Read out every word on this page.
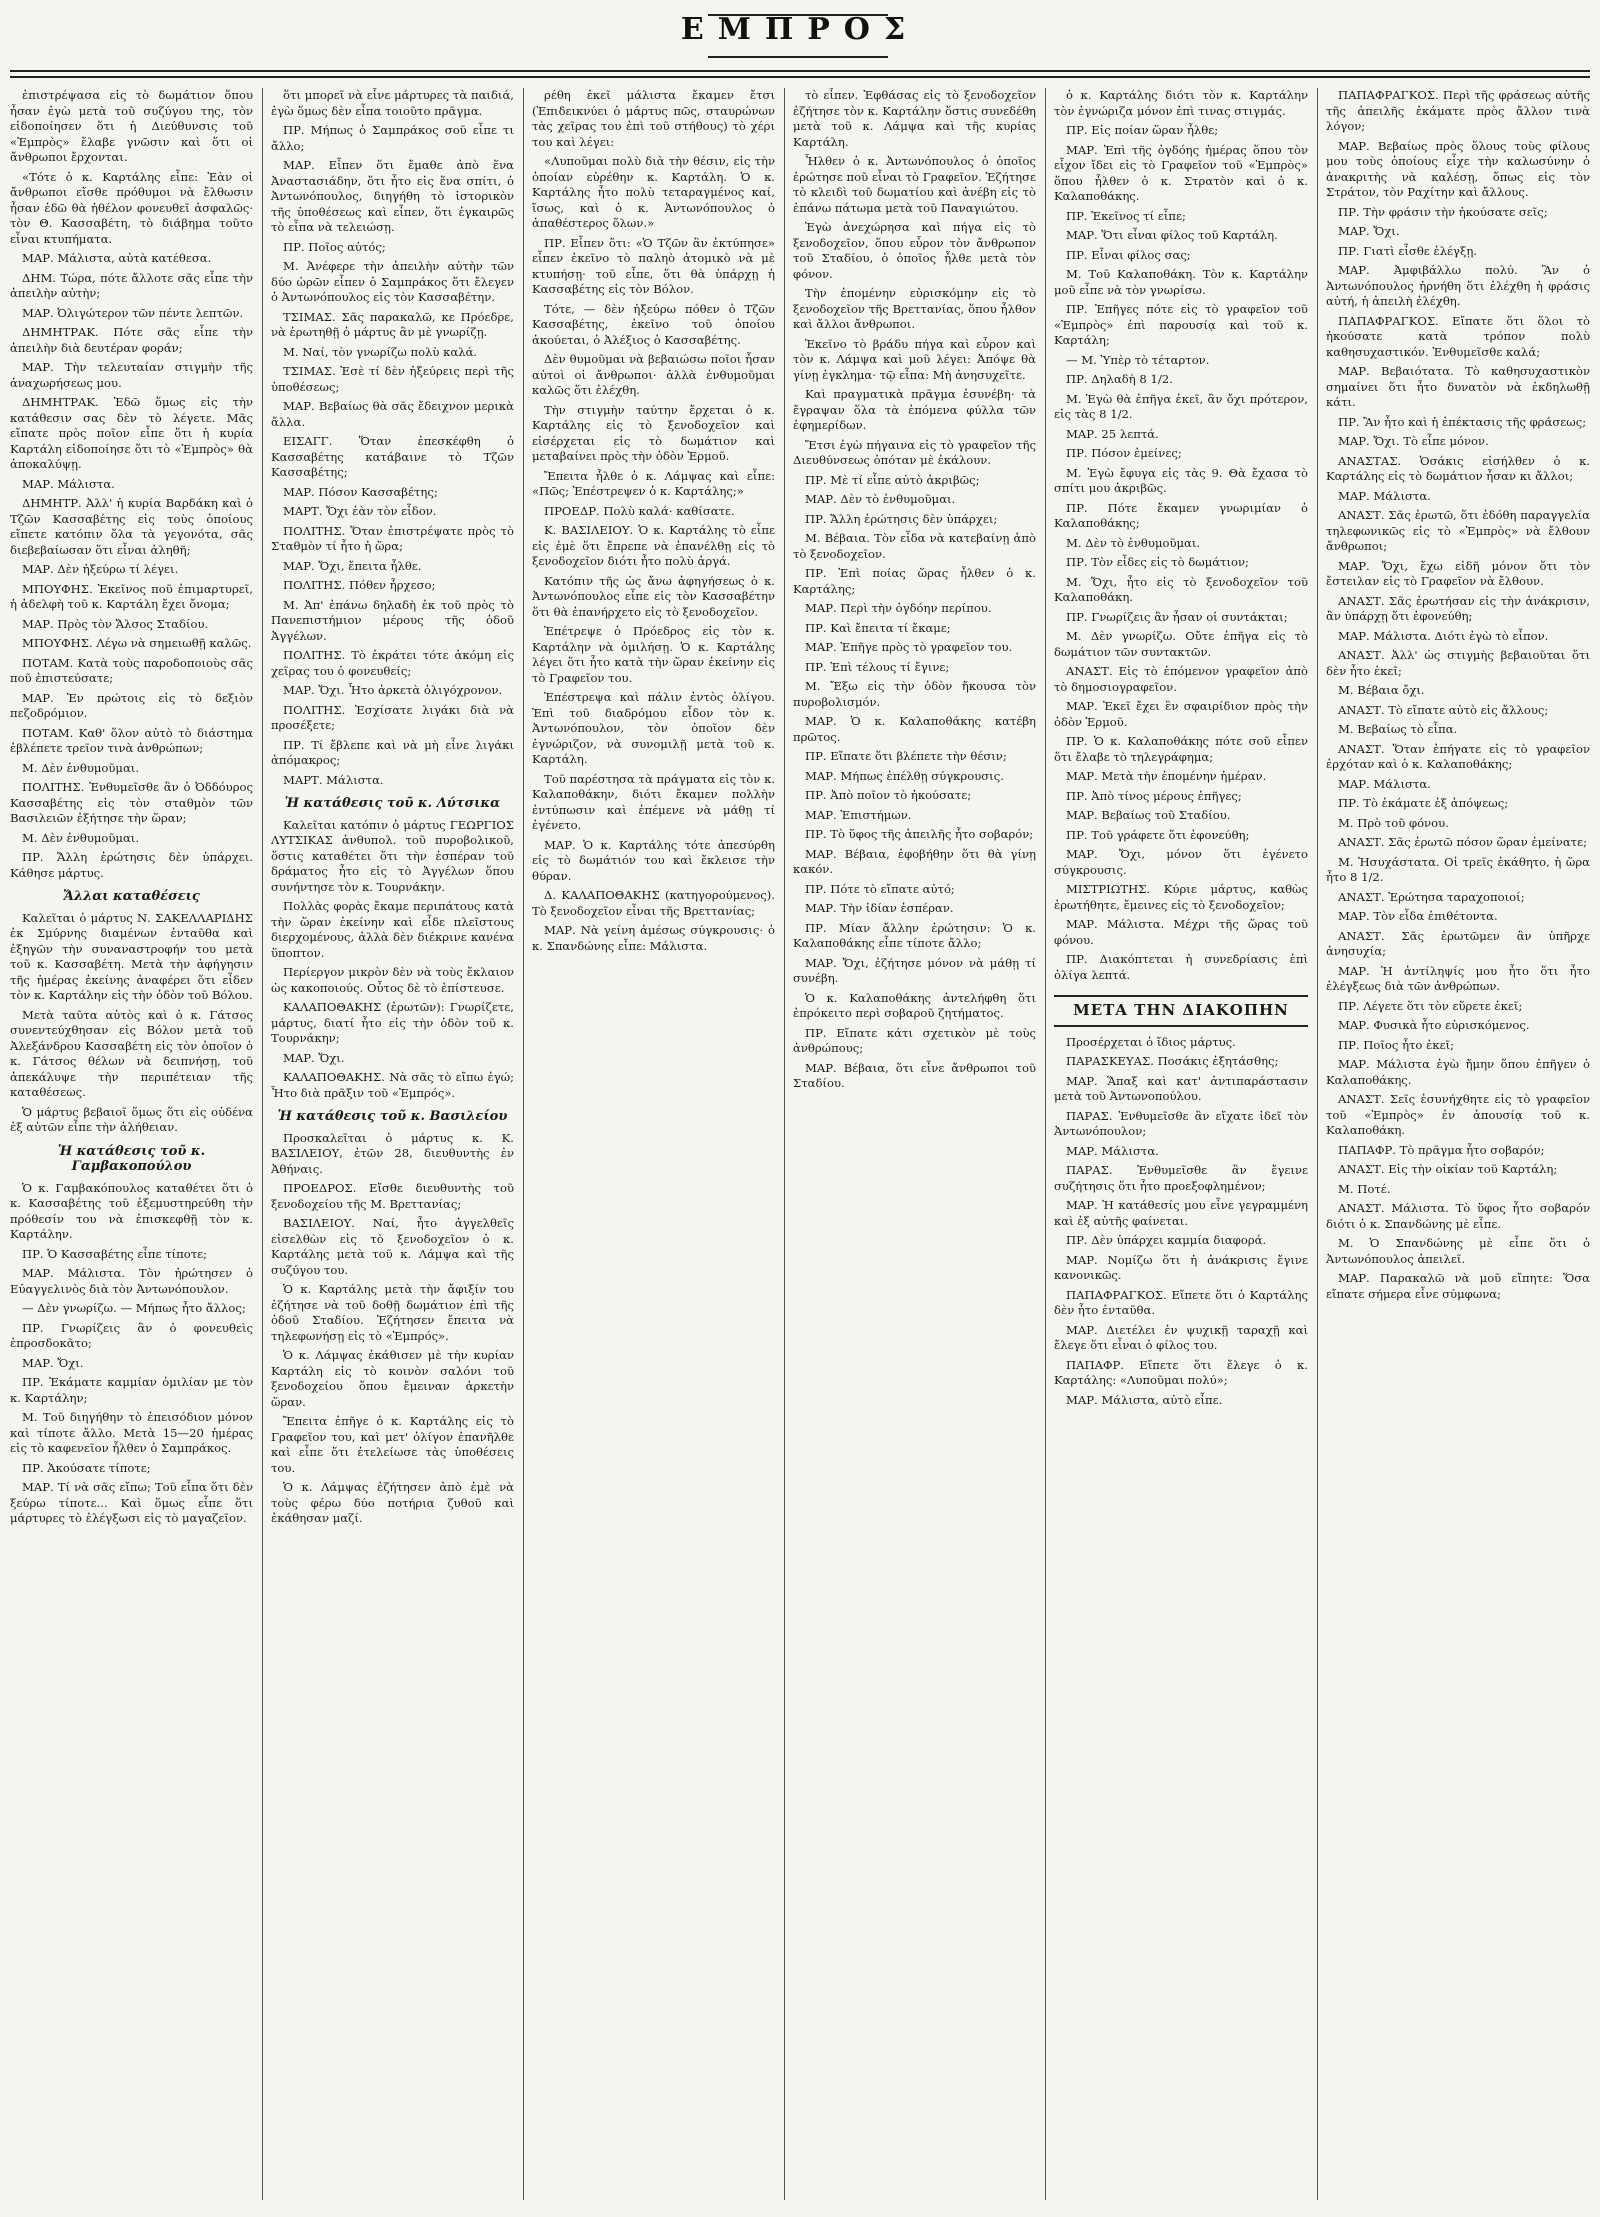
ΕΜΠΡΟΣ

ἐπιστρέψασα εἰς τὸ δωμάτιον ὅπου ἦσαν ἐγὼ μετὰ τοῦ συζύγου της, τὸν εἰδοποίησεν ὅτι ἡ Διεύθυνσις τοῦ «Ἐμπρὸς» ἔλαβε γνῶσιν καὶ ὅτι οἱ ἄνθρωποι ἔρχονται.

«Τότε ὁ κ. Καρτάλης εἶπε: Ἐὰν οἱ ἄνθρωποι εἴσθε πρόθυμοι νὰ ἔλθωσιν ἦσαν ἐδῶ θὰ ἠθέλον φονευθεῖ ἀσφαλῶς· τὸν Θ. Κασσαβέτη, τὸ διάβημα τοῦτο εἶναι κτυπήματα.

ΜΑΡ. Μάλιστα, αὐτὰ κατέθεσα.

ΔΗΜ. Τώρα, πότε ἄλλοτε σᾶς εἶπε τὴν ἀπειλὴν αὐτὴν;

ΜΑΡ. Ὀλιγώτερον τῶν πέντε λεπτῶν.

ΔΗΜΗΤΡΑΚ. Πότε σᾶς εἶπε τὴν ἀπειλὴν διὰ δευτέραν φοράν;

ΜΑΡ. Τὴν τελευταίαν στιγμὴν τῆς ἀναχωρήσεως μου.

ΔΗΜΗΤΡΑΚ. Ἐδῶ ὅμως εἰς τὴν κατάθεσιν σας δὲν τὸ λέγετε. Μᾶς εἴπατε πρὸς ποῖον εἶπε ὅτι ἡ κυρία Καρτάλη εἰδοποίησε ὅτι τὸ «Ἐμπρὸς» θὰ ἀποκαλύψῃ.

ΜΑΡ. Μάλιστα.

ΔΗΜΗΤΡ. Ἀλλ' ἡ κυρία Βαρδάκη καὶ ὁ Τζῶν Κασσαβέτης εἰς τοὺς ὁποίους εἴπετε κατόπιν ὅλα τὰ γεγονότα, σᾶς διεβεβαίωσαν ὅτι εἶναι ἀληθῆ;

ΜΑΡ. Δὲν ἠξεύρω τί λέγει.

ΜΠΟΥΦΗΣ. Ἐκεῖνος ποῦ ἐπιμαρτυρεῖ, ἡ ἀδελφὴ τοῦ κ. Καρτάλη ἔχει ὄνομα;

ΜΑΡ. Πρὸς τὸν Ἄλσος Σταδίου.

ΜΠΟΥΦΗΣ. Λέγω νὰ σημειωθῇ καλῶς.

ΠΟΤΑΜ. Κατὰ τοὺς παροδοποιοὺς σᾶς ποῦ ἐπιστεύσατε;

ΜΑΡ. Ἐν πρώτοις εἰς τὸ δεξιὸν πεζοδρόμιον.

ΠΟΤΑΜ. Καθ' ὅλον αὐτὸ τὸ διάστημα ἐβλέπετε τρεῖον τινὰ ἀνθρώπων;

Μ. Δὲν ἐνθυμοῦμαι.

ΠΟΛΙΤΗΣ. Ἐνθυμεῖσθε ἂν ὁ Ὀδδόυρος Κασσαβέτης εἰς τὸν σταθμὸν τῶν Βασιλειῶν ἐξήτησε τὴν ὥραν;

Μ. Δὲν ἐνθυμοῦμαι.

ΠΡ. Ἄλλη ἐρώτησις δὲν ὑπάρχει. Κάθησε μάρτυς.

Ἄλλαι καταθέσεις

Καλεῖται ὁ μάρτυς Ν. ΣΑΚΕΛΛΑΡΙΔΗΣ ἐκ Σμύρνης διαμένων ἐνταῦθα καὶ ἐξηγῶν τὴν συναναστροφήν του μετὰ τοῦ κ. Κασσαβέτη. Μετὰ τὴν ἀφήγησιν τῆς ἡμέρας ἐκείνης ἀναφέρει ὅτι εἶδεν τὸν κ. Καρτάλην εἰς τὴν ὁδὸν τοῦ Βόλου.

Μετὰ ταῦτα αὐτὸς καὶ ὁ κ. Γάτσος συνεντεύχθησαν εἰς Βόλον μετὰ τοῦ Ἀλεξάνδρου Κασσαβέτη εἰς τὸν ὁποῖον ὁ κ. Γάτσος θέλων νὰ δειπνήσῃ, τοῦ ἀπεκάλυψε τὴν περιπέτειαν τῆς καταθέσεως.

Ὁ μάρτυς βεβαιοῖ ὅμως ὅτι εἰς οὐδένα ἐξ αὐτῶν εἶπε τὴν ἀλήθειαν.

Ἡ κατάθεσις τοῦ κ. Γαμβακοπούλου

Ὁ κ. Γαμβακόπουλος καταθέτει ὅτι ὁ κ. Κασσαβέτης τοῦ ἐξεμυστηρεύθη τὴν πρόθεσίν του νὰ ἐπισκεφθῇ τὸν κ. Καρτάλην.

ΠΡ. Ὁ Κασσαβέτης εἶπε τίποτε;

ΜΑΡ. Μάλιστα. Τὸν ἠρώτησεν ὁ Εὐαγγελινὸς διὰ τὸν Ἀντωνόπουλον.

— Δὲν γνωρίζω. — Μήπως ἦτο ἄλλος;

ΠΡ. Γνωρίζεις ἂν ὁ φονευθεὶς ἐπροσδοκᾶτο;

ΜΑΡ. Ὄχι.

ΠΡ. Ἐκάματε καμμίαν ὁμιλίαν με τὸν κ. Καρτάλην;

Μ. Τοῦ διηγήθην τὸ ἐπεισόδιον μόνον καὶ τίποτε ἄλλο. Μετὰ 15—20 ἡμέρας εἰς τὸ καφενεῖον ἦλθεν ὁ Σαμπράκος.

ΠΡ. Ἀκούσατε τίποτε;

ΜΑΡ. Τί νὰ σᾶς εἴπω; Τοῦ εἶπα ὅτι δὲν ξεύρω τίποτε... Καὶ ὅμως εἶπε ὅτι μάρτυρες τὸ ἐλέγξωσι εἰς τὸ μαγαζεῖον.

ὅτι μπορεῖ νὰ εἶνε μάρτυρες τὰ παιδιά, ἐγὼ ὅμως δὲν εἶπα τοιοῦτο πρᾶγμα.

ΠΡ. Μήπως ὁ Σαμπράκος σοῦ εἶπε τι ἄλλο;

ΜΑΡ. Εἶπεν ὅτι ἔμαθε ἀπὸ ἕνα Ἀναστασιάδην, ὅτι ἦτο εἰς ἕνα σπίτι, ὁ Ἀντωνόπουλος, διηγήθη τὸ ἱστορικὸν τῆς ὑποθέσεως καὶ εἶπεν, ὅτι ἐγκαιρῶς τὸ εἶπα νὰ τελειώσῃ.

ΠΡ. Ποῖος αὐτός;

Μ. Ἀνέφερε τὴν ἀπειλὴν αὐτὴν τῶν δύο ὡρῶν εἶπεν ὁ Σαμπράκος ὅτι ἔλεγεν ὁ Ἀντωνόπουλος εἰς τὸν Κασσαβέτην.

ΤΣΙΜΑΣ. Σᾶς παρακαλῶ, κε Πρόεδρε, νὰ ἐρωτηθῇ ὁ μάρτυς ἂν μὲ γνωρίζῃ.

Μ. Ναί, τὸν γνωρίζω πολὺ καλά.

ΤΣΙΜΑΣ. Ἐσὲ τί δὲν ἠξεύρεις περὶ τῆς ὑποθέσεως;

ΜΑΡ. Βεβαίως θὰ σᾶς ἔδειχνον μερικὰ ἄλλα.

ΕΙΣΑΓΓ. Ὅταν ἐπεσκέφθη ὁ Κασσαβέτης κατάβαινε τὸ Τζῶν Κασσαβέτης;

ΜΑΡ. Πόσον Κασσαβέτης;

ΜΑΡΤ. Ὄχι ἐὰν τὸν εἶδον.

ΠΟΛΙΤΗΣ. Ὅταν ἐπιστρέψατε πρὸς τὸ Σταθμὸν τί ἦτο ἡ ὥρα;

ΜΑΡ. Ὄχι, ἔπειτα ἦλθε.

ΠΟΛΙΤΗΣ. Πόθεν ἦρχεσο;

Μ. Ἀπ' ἐπάνω δηλαδὴ ἐκ τοῦ πρὸς τὸ Πανεπιστήμιον μέρους τῆς ὁδοῦ Ἀγγέλων.

ΠΟΛΙΤΗΣ. Τὸ ἐκράτει τότε ἀκόμη εἰς χεῖρας του ὁ φονευθείς;

ΜΑΡ. Ὄχι. Ἦτο ἀρκετὰ ὀλιγόχρονον.

ΠΟΛΙΤΗΣ. Ἐσχίσατε λιγάκι διὰ νὰ προσέξετε;

ΠΡ. Τί ἔβλεπε καὶ νὰ μὴ εἶνε λιγάκι ἀπόμακρος;

ΜΑΡΤ. Μάλιστα.

Ἡ κατάθεσις τοῦ κ. Λύτσικα

Καλεῖται κατόπιν ὁ μάρτυς ΓΕΩΡΓΙΟΣ ΛΥΤΣΙΚΑΣ ἀνθυπολ. τοῦ πυροβολικοῦ, ὅστις καταθέτει ὅτι τὴν ἑσπέραν τοῦ δράματος ἦτο εἰς τὸ Ἀγγέλων ὅπου συνήντησε τὸν κ. Τουρνάκην.

Πολλὰς φορὰς ἔκαμε περιπάτους κατὰ τὴν ὥραν ἐκείνην καὶ εἶδε πλεῖστους διερχομένους, ἀλλὰ δὲν διέκρινε κανένα ὕποπτον.

Περίεργον μικρὸν δὲν νὰ τοὺς ἔκλαιον ὡς κακοποιούς. Οὗτος δὲ τὸ ἐπίστευσε.

ΚΑΛΑΠΟΘΑΚΗΣ (ἐρωτῶν): Γνωρίζετε, μάρτυς, διατί ἦτο εἰς τὴν ὁδὸν τοῦ κ. Τουρνάκην;

ΜΑΡ. Ὄχι.

ΚΑΛΑΠΟΘΑΚΗΣ. Νὰ σᾶς τὸ εἴπω ἐγώ; Ἦτο διὰ πρᾶξιν τοῦ «Ἐμπρός».

Ἡ κατάθεσις τοῦ κ. Βασιλείου

Προσκαλεῖται ὁ μάρτυς κ. Κ. ΒΑΣΙΛΕΙΟΥ, ἐτῶν 28, διευθυντὴς ἐν Ἀθήναις.

ΠΡΟΕΔΡΟΣ. Εἴσθε διευθυντὴς τοῦ ξενοδοχείου τῆς Μ. Βρεττανίας;

ΒΑΣΙΛΕΙΟΥ. Ναί, ἦτο ἀγγελθεῖς εἰσελθὼν εἰς τὸ ξενοδοχεῖον ὁ κ. Καρτάλης μετὰ τοῦ κ. Λάμψα καὶ τῆς συζύγου του.

Ὁ κ. Καρτάλης μετὰ τὴν ἄφιξίν του ἐζήτησε νὰ τοῦ δοθῇ δωμάτιον ἐπὶ τῆς ὁδοῦ Σταδίου. Ἐζήτησεν ἔπειτα νὰ τηλεφωνήσῃ εἰς τὸ «Ἐμπρός».

Ὁ κ. Λάμψας ἐκάθισεν μὲ τὴν κυρίαν Καρτάλη εἰς τὸ κοινὸν σαλόνι τοῦ ξενοδοχείου ὅπου ἔμειναν ἀρκετὴν ὥραν.

Ἔπειτα ἐπῆγε ὁ κ. Καρτάλης εἰς τὸ Γραφεῖον του, καὶ μετ' ὀλίγον ἐπανῆλθε καὶ εἶπε ὅτι ἐτελείωσε τὰς ὑποθέσεις του.

Ὁ κ. Λάμψας ἐζήτησεν ἀπὸ ἐμὲ νὰ τοὺς φέρω δύο ποτήρια ζυθοῦ καὶ ἐκάθησαν μαζί.

ρέθη ἐκεῖ μάλιστα ἔκαμεν ἔτσι (Ἐπιδεικνύει ὁ μάρτυς πῶς, σταυρώνων τὰς χεῖρας του ἐπὶ τοῦ στήθους) τὸ χέρι του καὶ λέγει:

«Λυποῦμαι πολὺ διὰ τὴν θέσιν, εἰς τὴν ὁποίαν εὑρέθην κ. Καρτάλη. Ὁ κ. Καρτάλης ἦτο πολὺ τεταραγμένος καί, ἴσως, καὶ ὁ κ. Ἀντωνόπουλος ὁ ἀπαθέστερος ὅλων.»

ΠΡ. Εἶπεν ὅτι: «Ὁ Τζῶν ἂν ἐκτύπησε» εἶπεν ἐκεῖνο τὸ παληὸ ἀτομικὸ νὰ μὲ κτυπήσῃ· τοῦ εἶπε, ὅτι θὰ ὑπάρχῃ ἡ Κασσαβέτης εἰς τὸν Βόλον.

Τότε, — δὲν ἠξεύρω πόθεν ὁ Τζῶν Κασσαβέτης, ἐκεῖνο τοῦ ὁποίου ἀκούεται, ὁ Ἀλέξιος ὁ Κασσαβέτης.

Δὲν θυμοῦμαι νὰ βεβαιώσω ποῖοι ἦσαν αὐτοὶ οἱ ἄνθρωποι· ἀλλὰ ἐνθυμοῦμαι καλῶς ὅτι ἐλέχθη.

Τὴν στιγμὴν ταύτην ἔρχεται ὁ κ. Καρτάλης εἰς τὸ ξενοδοχεῖον καὶ εἰσέρχεται εἰς τὸ δωμάτιον καὶ μεταβαίνει πρὸς τὴν ὁδὸν Ἑρμοῦ.

Ἔπειτα ἦλθε ὁ κ. Λάμψας καὶ εἶπε: «Πῶς; Ἐπέστρεψεν ὁ κ. Καρτάλης;»

ΠΡΟΕΔΡ. Πολὺ καλά· καθίσατε.

Κ. ΒΑΣΙΛΕΙΟΥ. Ὁ κ. Καρτάλης τὸ εἶπε εἰς ἐμὲ ὅτι ἔπρεπε νὰ ἐπανέλθῃ εἰς τὸ ξενοδοχεῖον διότι ἦτο πολὺ ἀργά.

Κατόπιν τῆς ὡς ἄνω ἀφηγήσεως ὁ κ. Ἀντωνόπουλος εἶπε εἰς τὸν Κασσαβέτην ὅτι θὰ ἐπανήρχετο εἰς τὸ ξενοδοχεῖον.

Ἐπέτρεψε ὁ Πρόεδρος εἰς τὸν κ. Καρτάλην νὰ ὁμιλήσῃ. Ὁ κ. Καρτάλης λέγει ὅτι ἦτο κατὰ τὴν ὥραν ἐκείνην εἰς τὸ Γραφεῖον του.

Ἐπέστρεψα καὶ πάλιν ἐντὸς ὀλίγου. Ἐπὶ τοῦ διαδρόμου εἶδον τὸν κ. Ἀντωνόπουλον, τὸν ὁποῖον δὲν ἐγνώριζον, νὰ συνομιλῇ μετὰ τοῦ κ. Καρτάλη.

Τοῦ παρέστησα τὰ πράγματα εἰς τὸν κ. Καλαποθάκην, διότι ἔκαμεν πολλὴν ἐντύπωσιν καὶ ἐπέμενε νὰ μάθῃ τί ἐγένετο.

ΜΑΡ. Ὁ κ. Καρτάλης τότε ἀπεσύρθη εἰς τὸ δωμάτιόν του καὶ ἔκλεισε τὴν θύραν.

Δ. ΚΑΛΑΠΟΘΑΚΗΣ (κατηγορούμενος). Τὸ ξενοδοχεῖον εἶναι τῆς Βρεττανίας;

ΜΑΡ. Νὰ γείνη ἀμέσως σύγκρουσις· ὁ κ. Σπανδώνης εἶπε: Μάλιστα.

τὸ εἶπεν. Ἐφθάσας εἰς τὸ ξενοδοχεῖον ἐζήτησε τὸν κ. Καρτάλην ὅστις συνεδέθη μετὰ τοῦ κ. Λάμψα καὶ τῆς κυρίας Καρτάλη.

Ἦλθεν ὁ κ. Ἀντωνόπουλος ὁ ὁποῖος ἐρώτησε ποῦ εἶναι τὸ Γραφεῖον. Ἐζήτησε τὸ κλειδὶ τοῦ δωματίου καὶ ἀνέβη εἰς τὸ ἐπάνω πάτωμα μετὰ τοῦ Παναγιώτου.

Ἐγὼ ἀνεχώρησα καὶ πήγα εἰς τὸ ξενοδοχεῖον, ὅπου εὗρον τὸν ἄνθρωπον τοῦ Σταδίου, ὁ ὁποῖος ἦλθε μετὰ τὸν φόνον.

Τὴν ἐπομένην εὑρισκόμην εἰς τὸ ξενοδοχεῖον τῆς Βρεττανίας, ὅπου ἦλθον καὶ ἄλλοι ἄνθρωποι.

Ἐκεῖνο τὸ βράδυ πήγα καὶ εὗρον καὶ τὸν κ. Λάμψα καὶ μοῦ λέγει: Ἀπόψε θὰ γίνῃ ἐγκλημα· τῷ εἶπα: Μὴ ἀνησυχεῖτε.

Καὶ πραγματικὰ πρᾶγμα ἐσυνέβη· τὰ ἔγραψαν ὅλα τὰ ἐπόμενα φύλλα τῶν ἐφημερίδων.

Ἔτσι ἐγὼ πήγαινα εἰς τὸ γραφεῖον τῆς Διευθύνσεως ὁπόταν μὲ ἐκάλουν.

ΠΡ. Μὲ τί εἶπε αὐτὸ ἀκριβῶς;

ΜΑΡ. Δὲν τὸ ἐνθυμοῦμαι.

ΠΡ. Ἄλλη ἐρώτησις δὲν ὑπάρχει;

Μ. Βέβαια. Τὸν εἶδα νὰ κατεβαίνῃ ἀπὸ τὸ ξενοδοχεῖον.

ΠΡ. Ἐπὶ ποίας ὥρας ἦλθεν ὁ κ. Καρτάλης;

ΜΑΡ. Περὶ τὴν ὀγδόην περίπου.

ΠΡ. Καὶ ἔπειτα τί ἔκαμε;

ΜΑΡ. Ἐπῆγε πρὸς τὸ γραφεῖον του.

ΠΡ. Ἐπὶ τέλους τί ἔγινε;

Μ. Ἔξω εἰς τὴν ὁδὸν ἤκουσα τὸν πυροβολισμόν.

ΜΑΡ. Ὁ κ. Καλαποθάκης κατέβη πρῶτος.

ΠΡ. Εἴπατε ὅτι βλέπετε τὴν θέσιν;

ΜΑΡ. Μήπως ἐπέλθῃ σύγκρουσις.

ΠΡ. Ἀπὸ ποῖον τὸ ἠκούσατε;

ΜΑΡ. Ἐπιστήμων.

ΠΡ. Τὸ ὕφος τῆς ἀπειλῆς ἦτο σοβαρόν;

ΜΑΡ. Βέβαια, ἐφοβήθην ὅτι θὰ γίνῃ κακόν.

ΠΡ. Πότε τὸ εἴπατε αὐτό;

ΜΑΡ. Τὴν ἰδίαν ἑσπέραν.

ΠΡ. Μίαν ἄλλην ἐρώτησιν: Ὁ κ. Καλαποθάκης εἶπε τίποτε ἄλλο;

ΜΑΡ. Ὄχι, ἐζήτησε μόνον νὰ μάθῃ τί συνέβη.

Ὁ κ. Καλαποθάκης ἀντελήφθη ὅτι ἐπρόκειτο περὶ σοβαροῦ ζητήματος.

ΠΡ. Εἴπατε κάτι σχετικὸν μὲ τοὺς ἀνθρώπους;

ΜΑΡ. Βέβαια, ὅτι εἶνε ἄνθρωποι τοῦ Σταδίου.

ὁ κ. Καρτάλης διότι τὸν κ. Καρτάλην τὸν ἐγνώριζα μόνον ἐπὶ τινας στιγμάς.

ΠΡ. Εἰς ποίαν ὥραν ἦλθε;

ΜΑΡ. Ἐπὶ τῆς ὀγδόης ἡμέρας ὅπου τὸν εἶχον ἴδει εἰς τὸ Γραφεῖον τοῦ «Ἐμπρὸς» ὅπου ἦλθεν ὁ κ. Στρατὸν καὶ ὁ κ. Καλαποθάκης.

ΠΡ. Ἐκεῖνος τί εἶπε;

ΜΑΡ. Ὅτι εἶναι φίλος τοῦ Καρτάλη.

ΠΡ. Εἶναι φίλος σας;

Μ. Τοῦ Καλαποθάκη. Τὸν κ. Καρτάλην μοῦ εἶπε νὰ τὸν γνωρίσω.

ΠΡ. Ἐπῆγες πότε εἰς τὸ γραφεῖον τοῦ «Ἐμπρὸς» ἐπὶ παρουσίᾳ καὶ τοῦ κ. Καρτάλη;

— Μ. Ὑπὲρ τὸ τέταρτον.

ΠΡ. Δηλαδὴ 8 1/2.

Μ. Ἐγὼ θὰ ἐπῆγα ἐκεῖ, ἂν ὄχι πρότερον, εἰς τὰς 8 1/2.

ΜΑΡ. 25 λεπτά.

ΠΡ. Πόσον ἐμείνες;

Μ. Ἐγὼ ἔφυγα εἰς τὰς 9. Θὰ ἔχασα τὸ σπίτι μου ἀκριβῶς.

ΠΡ. Πότε ἔκαμεν γνωριμίαν ὁ Καλαποθάκης;

Μ. Δὲν τὸ ἐνθυμοῦμαι.

ΠΡ. Τὸν εἶδες εἰς τὸ δωμάτιον;

Μ. Ὄχι, ἦτο εἰς τὸ ξενοδοχεῖον τοῦ Καλαποθάκη.

ΠΡ. Γνωρίζεις ἂν ἦσαν οἱ συντάκται;

Μ. Δὲν γνωρίζω. Οὔτε ἐπῆγα εἰς τὸ δωμάτιον τῶν συντακτῶν.

ΑΝΑΣΤ. Εἰς τὸ ἐπόμενον γραφεῖον ἀπὸ τὸ δημοσιογραφεῖον.

ΜΑΡ. Ἐκεῖ ἔχει ἓν σφαιρίδιον πρὸς τὴν ὁδὸν Ἑρμοῦ.

ΠΡ. Ὁ κ. Καλαποθάκης πότε σοῦ εἶπεν ὅτι ἔλαβε τὸ τηλεγράφημα;

ΜΑΡ. Μετὰ τὴν ἐπομένην ἡμέραν.

ΠΡ. Ἀπὸ τίνος μέρους ἐπῆγες;

ΜΑΡ. Βεβαίως τοῦ Σταδίου.

ΠΡ. Τοῦ γράφετε ὅτι ἐφονεύθη;

ΜΑΡ. Ὄχι, μόνον ὅτι ἐγένετο σύγκρουσις.

ΜΙΣΤΡΙΩΤΗΣ. Κύριε μάρτυς, καθὼς ἐρωτήθητε, ἔμεινες εἰς τὸ ξενοδοχεῖον;

ΜΑΡ. Μάλιστα. Μέχρι τῆς ὥρας τοῦ φόνου.

ΠΡ. Διακόπτεται ἡ συνεδρίασις ἐπὶ ὀλίγα λεπτά.

ΜΕΤΑ ΤΗΝ ΔΙΑΚΟΠΗΝ

Προσέρχεται ὁ ἴδιος μάρτυς.

ΠΑΡΑΣΚΕΥΑΣ. Ποσάκις ἐξητάσθης;

ΜΑΡ. Ἅπαξ καὶ κατ' ἀντιπαράστασιν μετὰ τοῦ Ἀντωνοπούλου.

ΠΑΡΑΣ. Ἐνθυμεῖσθε ἂν εἴχατε ἰδεῖ τὸν Ἀντωνόπουλον;

ΜΑΡ. Μάλιστα.

ΠΑΡΑΣ. Ἐνθυμεῖσθε ἂν ἔγεινε συζήτησις ὅτι ἦτο προεξοφλημένον;

ΜΑΡ. Ἡ κατάθεσίς μου εἶνε γεγραμμένη καὶ ἐξ αὐτῆς φαίνεται.

ΠΡ. Δὲν ὑπάρχει καμμία διαφορά.

ΜΑΡ. Νομίζω ὅτι ἡ ἀνάκρισις ἔγινε κανονικῶς.

ΠΑΠΑΦΡΑΓΚΟΣ. Εἴπετε ὅτι ὁ Καρτάλης δὲν ἦτο ἐνταῦθα.

ΜΑΡ. Διετέλει ἐν ψυχικῇ ταραχῇ καὶ ἔλεγε ὅτι εἶναι ὁ φίλος του.

ΠΑΠΑΦΡ. Εἴπετε ὅτι ἔλεγε ὁ κ. Καρτάλης: «Λυποῦμαι πολύ»;

ΜΑΡ. Μάλιστα, αὐτὸ εἶπε.

ΠΑΠΑΦΡΑΓΚΟΣ. Περὶ τῆς φράσεως αὐτῆς τῆς ἀπειλῆς ἐκάματε πρὸς ἄλλον τινὰ λόγον;

ΜΑΡ. Βεβαίως πρὸς ὅλους τοὺς φίλους μου τοὺς ὁποίους εἶχε τὴν καλωσύνην ὁ ἀνακριτὴς νὰ καλέσῃ, ὅπως εἰς τὸν Στράτον, τὸν Ραχίτην καὶ ἄλλους.

ΠΡ. Τὴν φράσιν τὴν ἠκούσατε σεῖς;

ΜΑΡ. Ὄχι.

ΠΡ. Γιατὶ εἶσθε ἐλέγξῃ.

ΜΑΡ. Ἀμφιβάλλω πολύ. Ἂν ὁ Ἀντωνόπουλος ἠρνήθη ὅτι ἐλέχθη ἡ φράσις αὐτή, ἡ ἀπειλὴ ἐλέχθη.

ΠΑΠΑΦΡΑΓΚΟΣ. Εἴπατε ὅτι ὅλοι τὸ ἠκούσατε κατὰ τρόπον πολὺ καθησυχαστικόν. Ἐνθυμεῖσθε καλά;

ΜΑΡ. Βεβαιότατα. Τὸ καθησυχαστικὸν σημαίνει ὅτι ἦτο δυνατὸν νὰ ἐκδηλωθῇ κάτι.

ΠΡ. Ἂν ἦτο καὶ ἡ ἐπέκτασις τῆς φράσεως;

ΜΑΡ. Ὄχι. Τὸ εἶπε μόνον.

ΑΝΑΣΤΑΣ. Ὁσάκις εἰσήλθεν ὁ κ. Καρτάλης εἰς τὸ δωμάτιον ἦσαν κι ἄλλοι;

ΜΑΡ. Μάλιστα.

ΑΝΑΣΤ. Σᾶς ἐρωτῶ, ὅτι ἐδόθη παραγγελία τηλεφωνικῶς εἰς τὸ «Ἐμπρὸς» νὰ ἔλθουν ἄνθρωποι;

ΜΑΡ. Ὄχι, ἔχω εἰδῆ μόνον ὅτι τὸν ἔστειλαν εἰς τὸ Γραφεῖον νὰ ἔλθουν.

ΑΝΑΣΤ. Σᾶς ἐρωτήσαν εἰς τὴν ἀνάκρισιν, ἂν ὑπάρχῃ ὅτι ἐφονεύθη;

ΜΑΡ. Μάλιστα. Διότι ἐγὼ τὸ εἶπον.

ΑΝΑΣΤ. Ἀλλ' ὡς στιγμὴς βεβαιοῦται ὅτι δὲν ἦτο ἐκεῖ;

Μ. Βέβαια ὄχι.

ΑΝΑΣΤ. Τὸ εἴπατε αὐτὸ εἰς ἄλλους;

Μ. Βεβαίως τὸ εἶπα.

ΑΝΑΣΤ. Ὅταν ἐπήγατε εἰς τὸ γραφεῖον ἐρχόταν καὶ ὁ κ. Καλαποθάκης;

ΜΑΡ. Μάλιστα.

ΠΡ. Τὸ ἐκάματε ἐξ ἀπόψεως;

Μ. Πρὸ τοῦ φόνου.

ΑΝΑΣΤ. Σᾶς ἐρωτῶ πόσον ὥραν ἐμείνατε;

Μ. Ἠσυχάστατα. Οἱ τρεῖς ἐκάθητο, ἡ ὥρα ἦτο 8 1/2.

ΑΝΑΣΤ. Ἐρώτησα ταραχοποιοί;

ΜΑΡ. Τὸν εἶδα ἐπιθέτοντα.

ΑΝΑΣΤ. Σᾶς ἐρωτῶμεν ἂν ὑπῆρχε ἀνησυχία;

ΜΑΡ. Ἡ ἀντίληψίς μου ἦτο ὅτι ἦτο ἐλέγξεως διὰ τῶν ἀνθρώπων.

ΠΡ. Λέγετε ὅτι τὸν εὕρετε ἐκεῖ;

ΜΑΡ. Φυσικὰ ἦτο εὑρισκόμενος.

ΠΡ. Ποῖος ἦτο ἐκεῖ;

ΜΑΡ. Μάλιστα ἐγὼ ἤμην ὅπου ἐπῆγεν ὁ Καλαποθάκης.

ΑΝΑΣΤ. Σεῖς ἐσυνήχθητε εἰς τὸ γραφεῖον τοῦ «Ἐμπρὸς» ἐν ἀπουσίᾳ τοῦ κ. Καλαποθάκη.

ΠΑΠΑΦΡ. Τὸ πρᾶγμα ἦτο σοβαρόν;

ΑΝΑΣΤ. Εἰς τὴν οἰκίαν τοῦ Καρτάλη;

Μ. Ποτέ.

ΑΝΑΣΤ. Μάλιστα. Τὸ ὕφος ἦτο σοβαρόν διότι ὁ κ. Σπανδώνης μὲ εἶπε.

Μ. Ὁ Σπανδώνης μὲ εἶπε ὅτι ὁ Ἀντωνόπουλος ἀπειλεῖ.

ΜΑΡ. Παρακαλῶ νὰ μοῦ εἴπητε: Ὅσα εἴπατε σήμερα εἶνε σύμφωνα;
